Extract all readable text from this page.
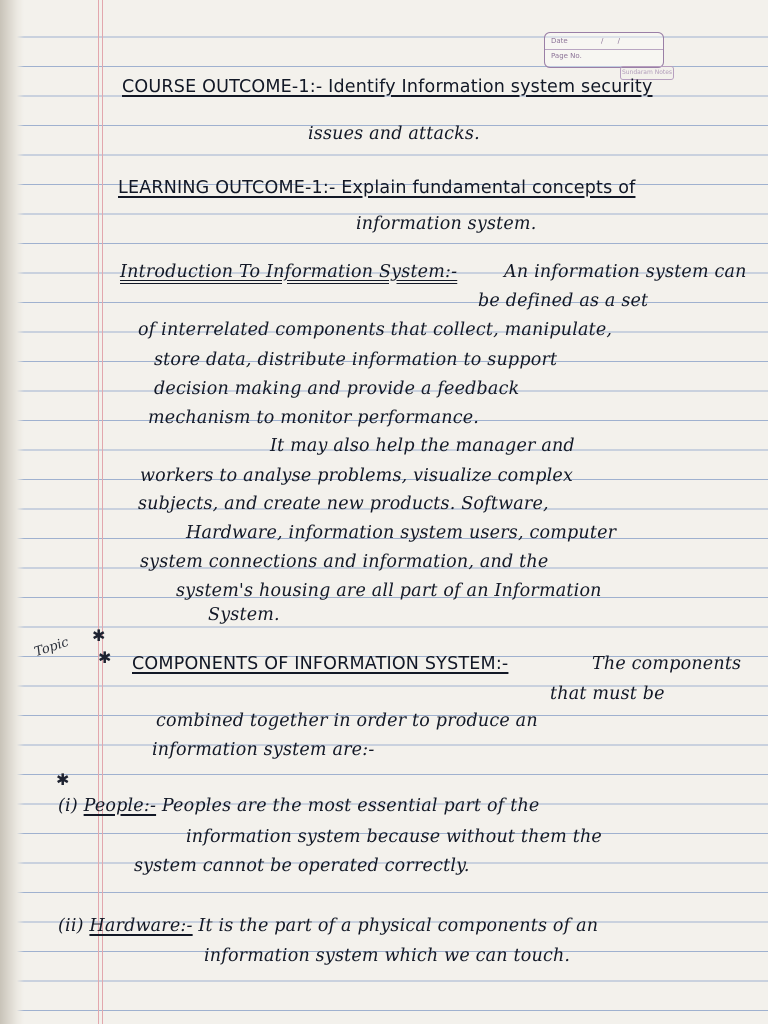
Date	/ /
Page No.
Sundaram Notes

COURSE OUTCOME-1:- Identify Information system security

issues and attacks.

LEARNING OUTCOME-1:- Explain fundamental concepts of

information system.

Introduction To Information System:-	An information system can

be defined as a set

of interrelated components that collect, manipulate,

store data, distribute information to support

decision making and provide a feedback

mechanism to monitor performance.

It may also help the manager and

workers to analyse problems, visualize complex

subjects, and create new products. Software,

Hardware, information system users, computer

system connections and information, and the

system's housing are all part of an Information

System.

Topic ✱
✱ COMPONENTS OF INFORMATION SYSTEM:-	The components

that must be

combined together in order to produce an

information system are:-

✱

(i) People:- Peoples are the most essential part of the

information system because without them the

system cannot be operated correctly.

(ii) Hardware:- It is the part of a physical components of an

information system which we can touch.
